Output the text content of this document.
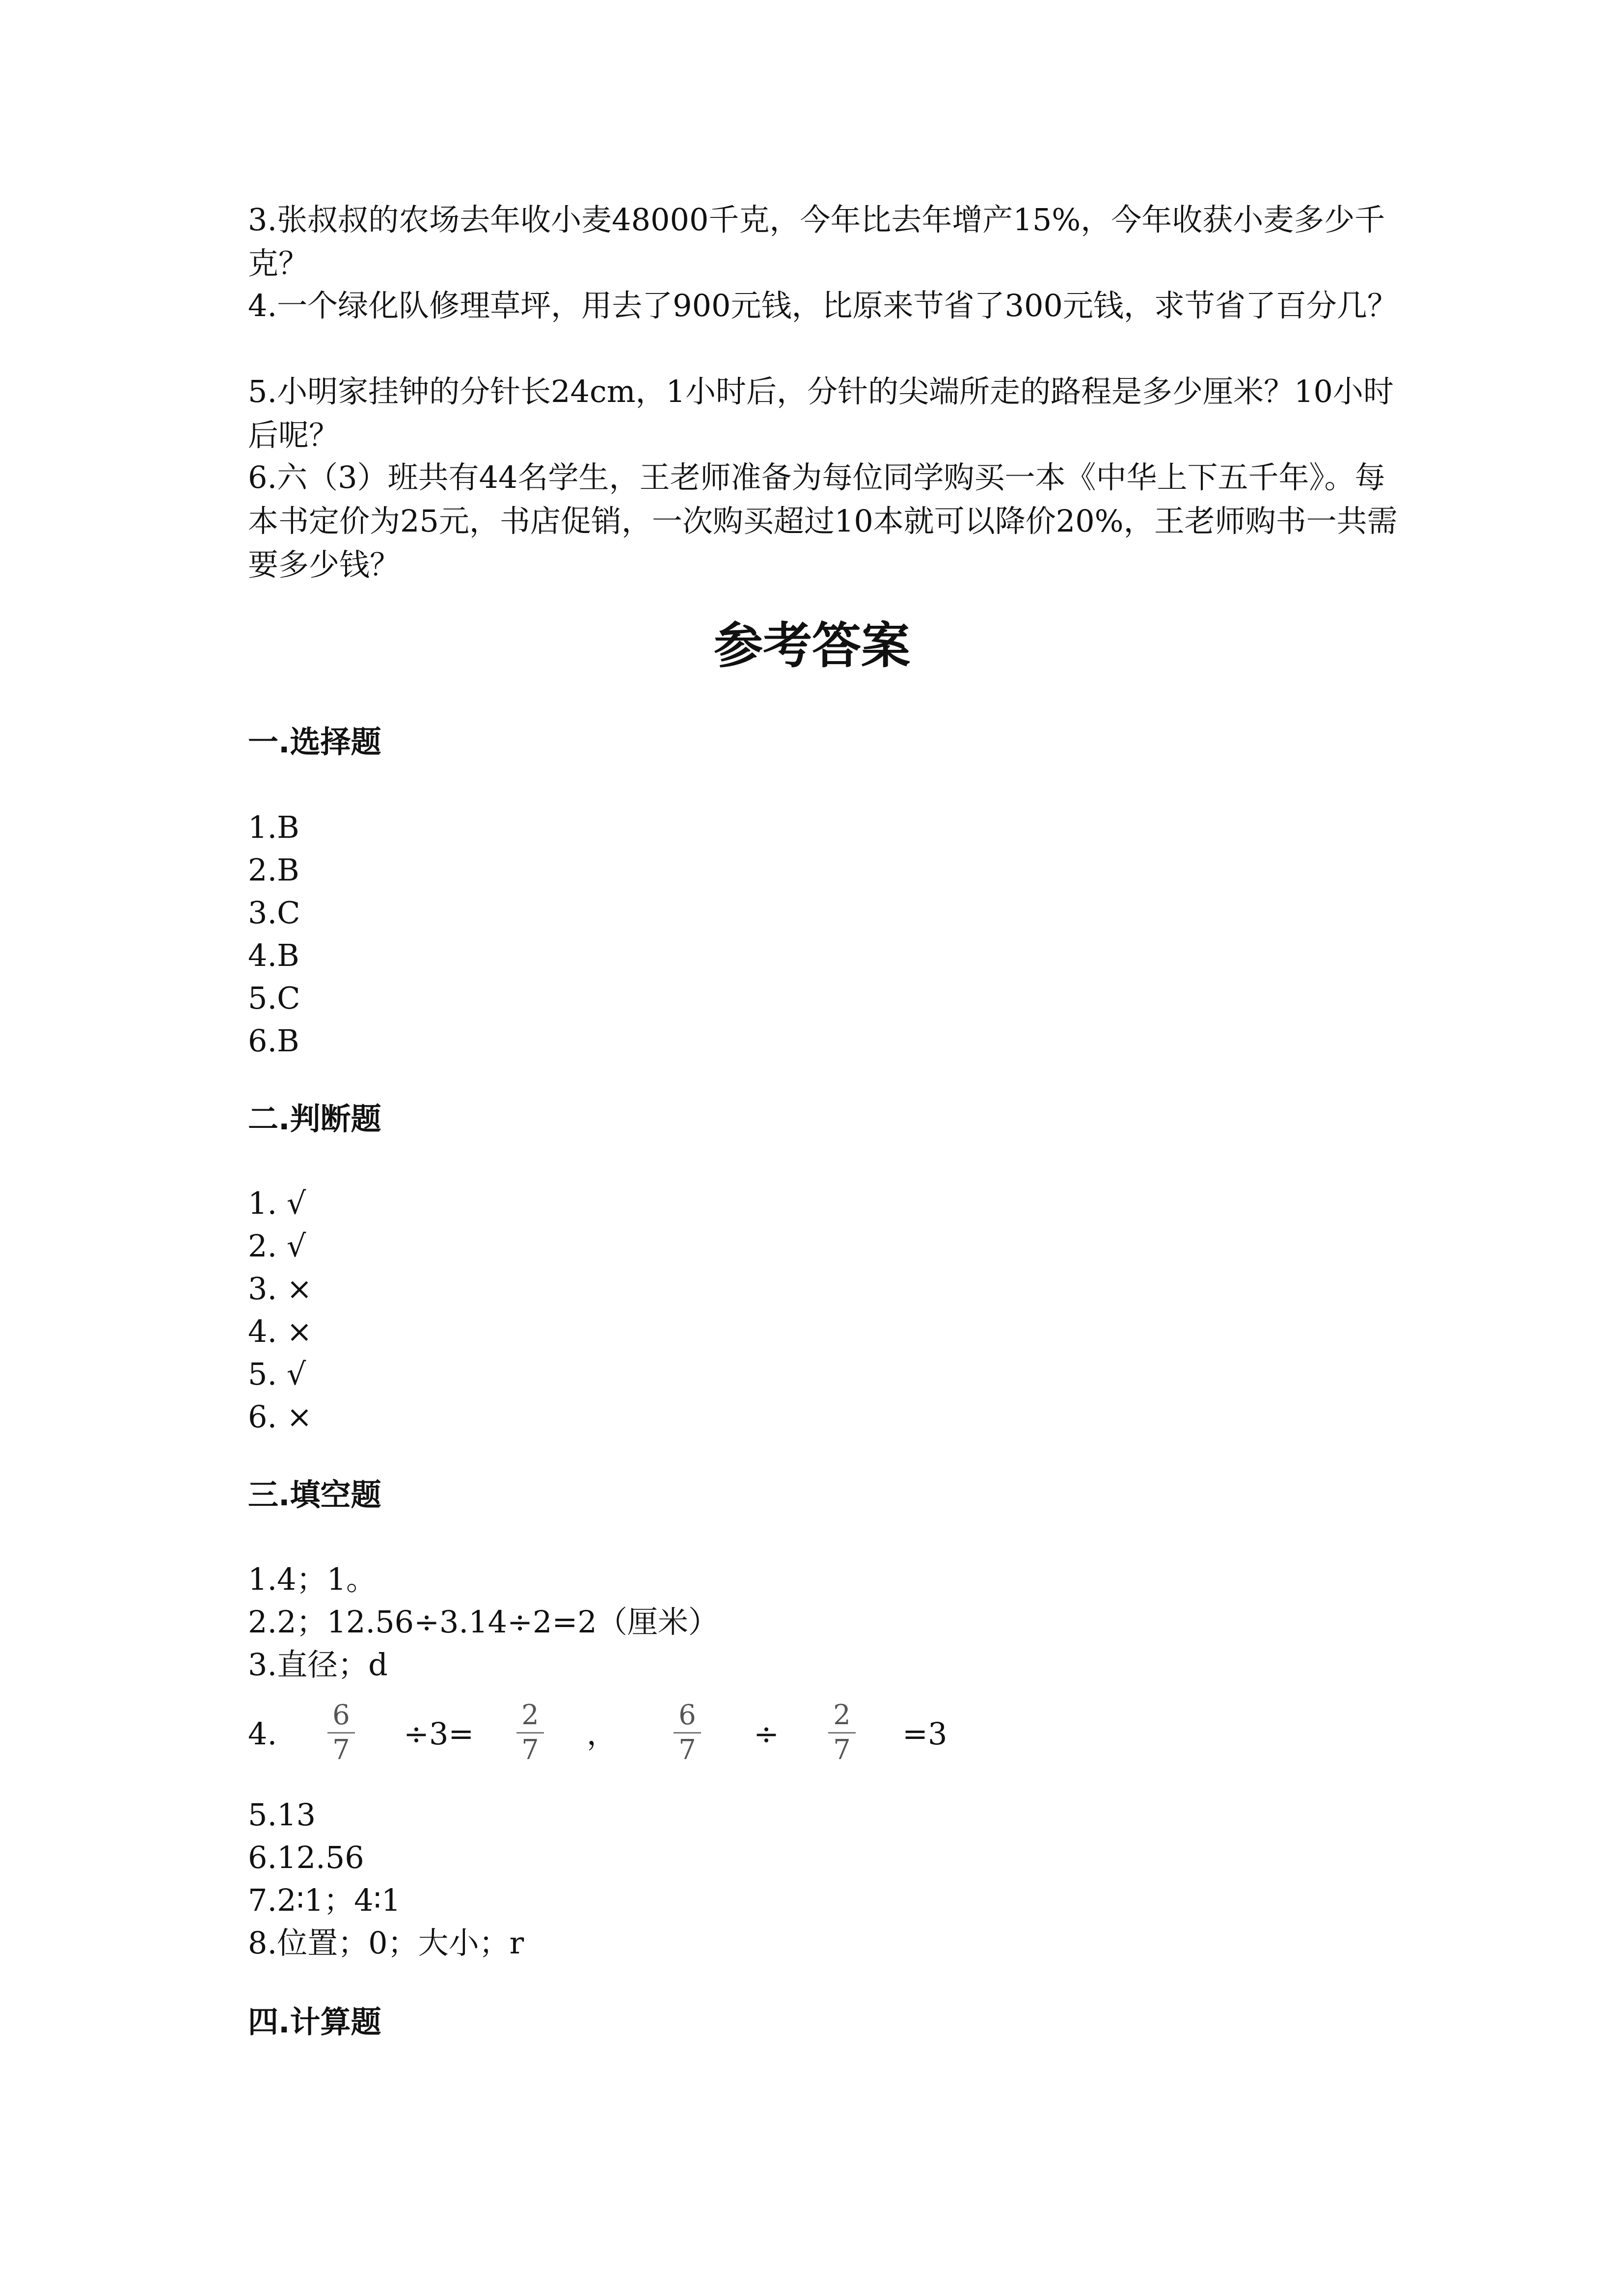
3.张叔叔的农场去年收小麦48000千克，今年比去年增产15%，今年收获小麦多少千克？

4.一个绿化队修理草坪，用去了900元钱，比原来节省了300元钱，求节省了百分几？

5.小明家挂钟的分针长24cm，1小时后，分针的尖端所走的路程是多少厘米？10小时后呢？

6.六（3）班共有44名学生，王老师准备为每位同学购买一本《中华上下五千年》。每本书定价为25元，书店促销，一次购买超过10本就可以降价20%，王老师购书一共需要多少钱？

参考答案
一.选择题
1.B
2.B
3.C
4.B
5.C
6.B
二.判断题
1. √
2. √
3. ×
4. ×
5. √
6. ×
三.填空题
1.4；1。
2.2；12.56÷3.14÷2=2（厘米）
3.直径；d
4.
6
7 ÷3=
2
7 ，
6
7 ÷
2
7 =3
5.13
6.12.56
7.2∶1；4∶1
8.位置；0；大小；r
四.计算题
